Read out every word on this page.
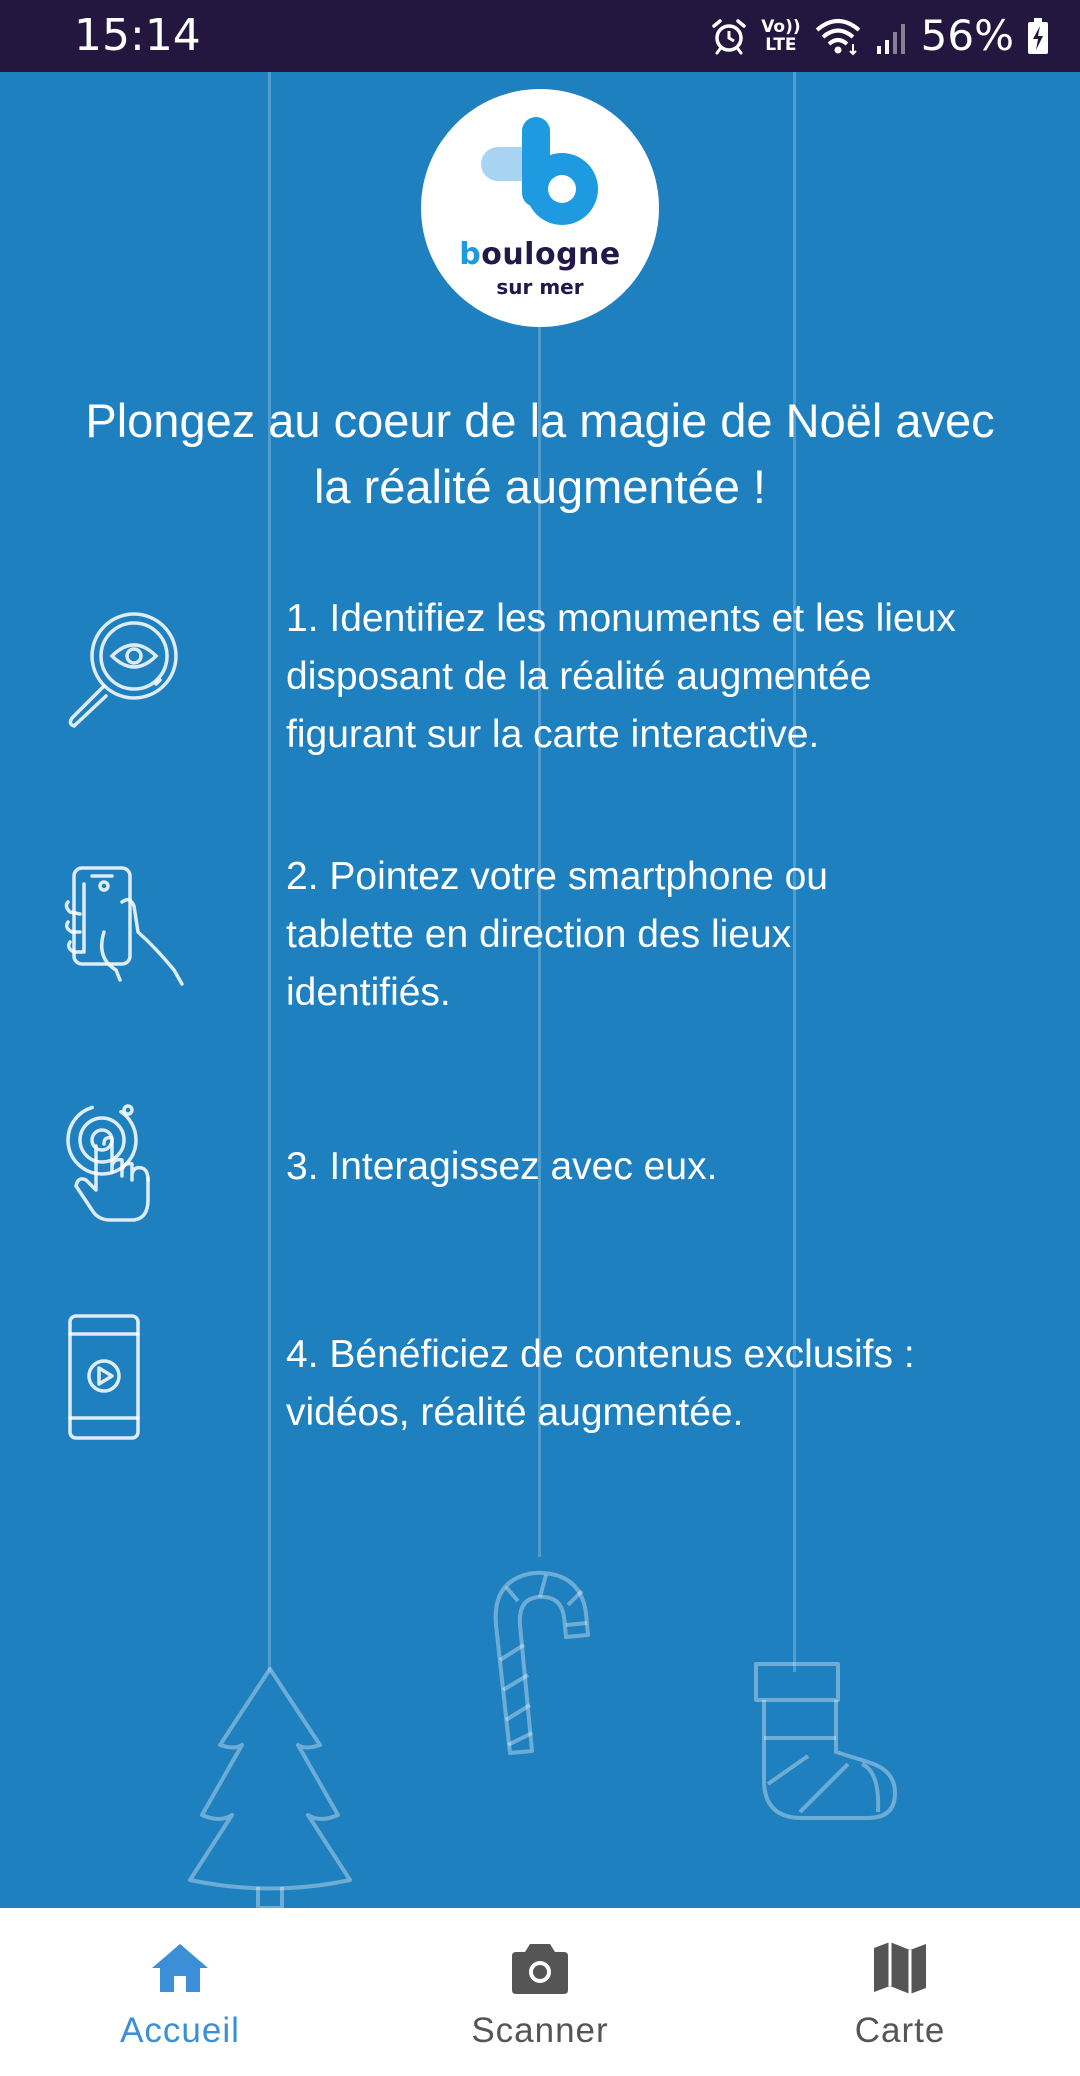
15:14	Vo))
LTE	56%
boulogne
sur mer
Plongez au coeur de la magie de Noël avec
la réalité augmentée !
1. Identifiez les monuments et les lieux
disposant de la réalité augmentée
figurant sur la carte interactive.
2. Pointez votre smartphone ou
tablette en direction des lieux
identifiés.
3. Interagissez avec eux.
4. Bénéficiez de contenus exclusifs :
vidéos, réalité augmentée.
Accueil	Scanner	Carte
